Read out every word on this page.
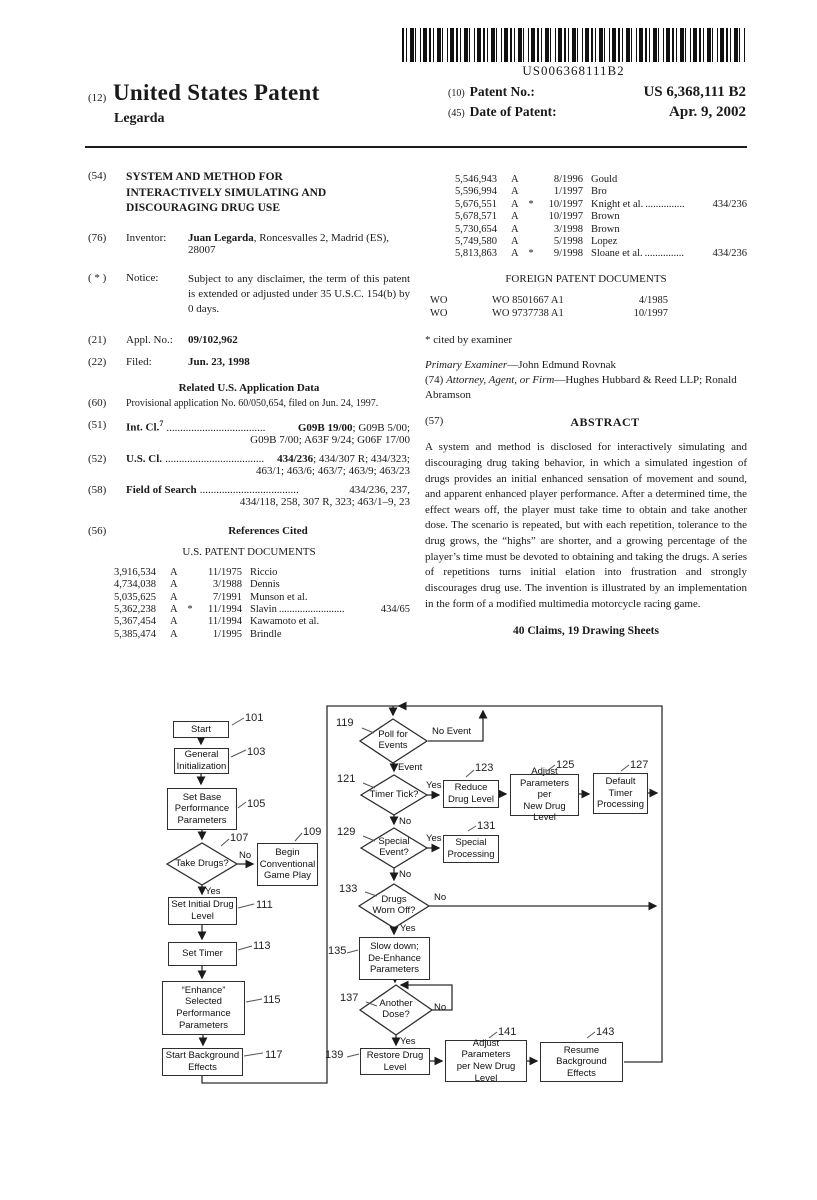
US006368111B2
(12) United States Patent
Legarda
(10) Patent No.:	US 6,368,111 B2
(45) Date of Patent:	Apr. 9, 2002
(54)	SYSTEM AND METHOD FOR
INTERACTIVELY SIMULATING AND
DISCOURAGING DRUG USE
(76)	Inventor:	Juan Legarda, Roncesvalles 2, Madrid (ES), 28007
( * )	Notice:	Subject to any disclaimer, the term of this patent is extended or adjusted under 35 U.S.C. 154(b) by 0 days.
(21)	Appl. No.:	09/102,962
(22)	Filed:	Jun. 23, 1998
Related U.S. Application Data
(60)	Provisional application No. 60/050,654, filed on Jun. 24, 1997.
(51)	Int. Cl.$^7$ ....................................	G09B 19/00; G09B 5/00;
G09B 7/00; A63F 9/24; G06F 17/00
(52)	U.S. Cl. ....................................	434/236; 434/307 R; 434/323;
463/1; 463/6; 463/7; 463/9; 463/23
(58)	Field of Search ....................................	434/236, 237,
434/118, 258, 307 R, 323; 463/1–9, 23
(56)	References Cited
U.S. PATENT DOCUMENTS
3,916,534	A	11/1975 Riccio
4,734,038	A	3/1988 Dennis
5,035,625	A	7/1991 Munson et al.
5,362,238	A *	11/1994 Slavin .........................	434/65
5,367,454	A	11/1994 Kawamoto et al.
5,385,474	A	1/1995 Brindle
5,546,943	A	8/1996 Gould
5,596,994	A	1/1997 Bro
5,676,551	A *	10/1997 Knight et al. ...............	434/236
5,678,571	A	10/1997 Brown
5,730,654	A	3/1998 Brown
5,749,580	A	5/1998 Lopez
5,813,863	A *	9/1998 Sloane et al. ...............	434/236
FOREIGN PATENT DOCUMENTS
WO	WO 8501667 A1	4/1985
WO	WO 9737738 A1	10/1997
* cited by examiner
Primary Examiner—John Edmund Rovnak
(74) Attorney, Agent, or Firm—Hughes Hubbard & Reed LLP; Ronald Abramson
(57)	ABSTRACT
A system and method is disclosed for interactively simulating and discouraging drug taking behavior, in which a simulated ingestion of drugs provides an initial enhanced sensation of movement and sound, and apparent enhanced player performance. After a determined time, the effect wears off, the player must take time to obtain and take another dose. The scenario is repeated, but with each repetition, tolerance to the drug grows, the “highs” are shorter, and a growing percentage of the player’s time must be devoted to obtaining and taking the drugs. A series of repetitions turns initial elation into frustration and strongly discourages drug use. The invention is illustrated by an implementation in the form of a modified multimedia motorcycle racing game.
40 Claims, 19 Drawing Sheets
Start
General
Initialization
Set Base
Performance
Parameters
Begin
Conventional
Game Play
Set Initial Drug
Level
Set Timer
“Enhance”
Selected
Performance
Parameters
Start Background
Effects
Reduce
Drug Level
Adjust
Parameters per
New Drug Level
Default
Timer
Processing
Special
Processing
Slow down;
De-Enhance
Parameters
Restore Drug
Level
Adjust Parameters
per New Drug
Level
Resume
Background
Effects
Take Drugs?
Poll for
Events
Timer Tick?
Special
Event?
Drugs
Worn Off?
Another
Dose?
No
Yes
No Event
Event
Yes
No
Yes
No
No
Yes
No
Yes
101
103
105
107	109
111
113
115
117
119
121
123	125	127
129	131
133
135
137
139
141	143
